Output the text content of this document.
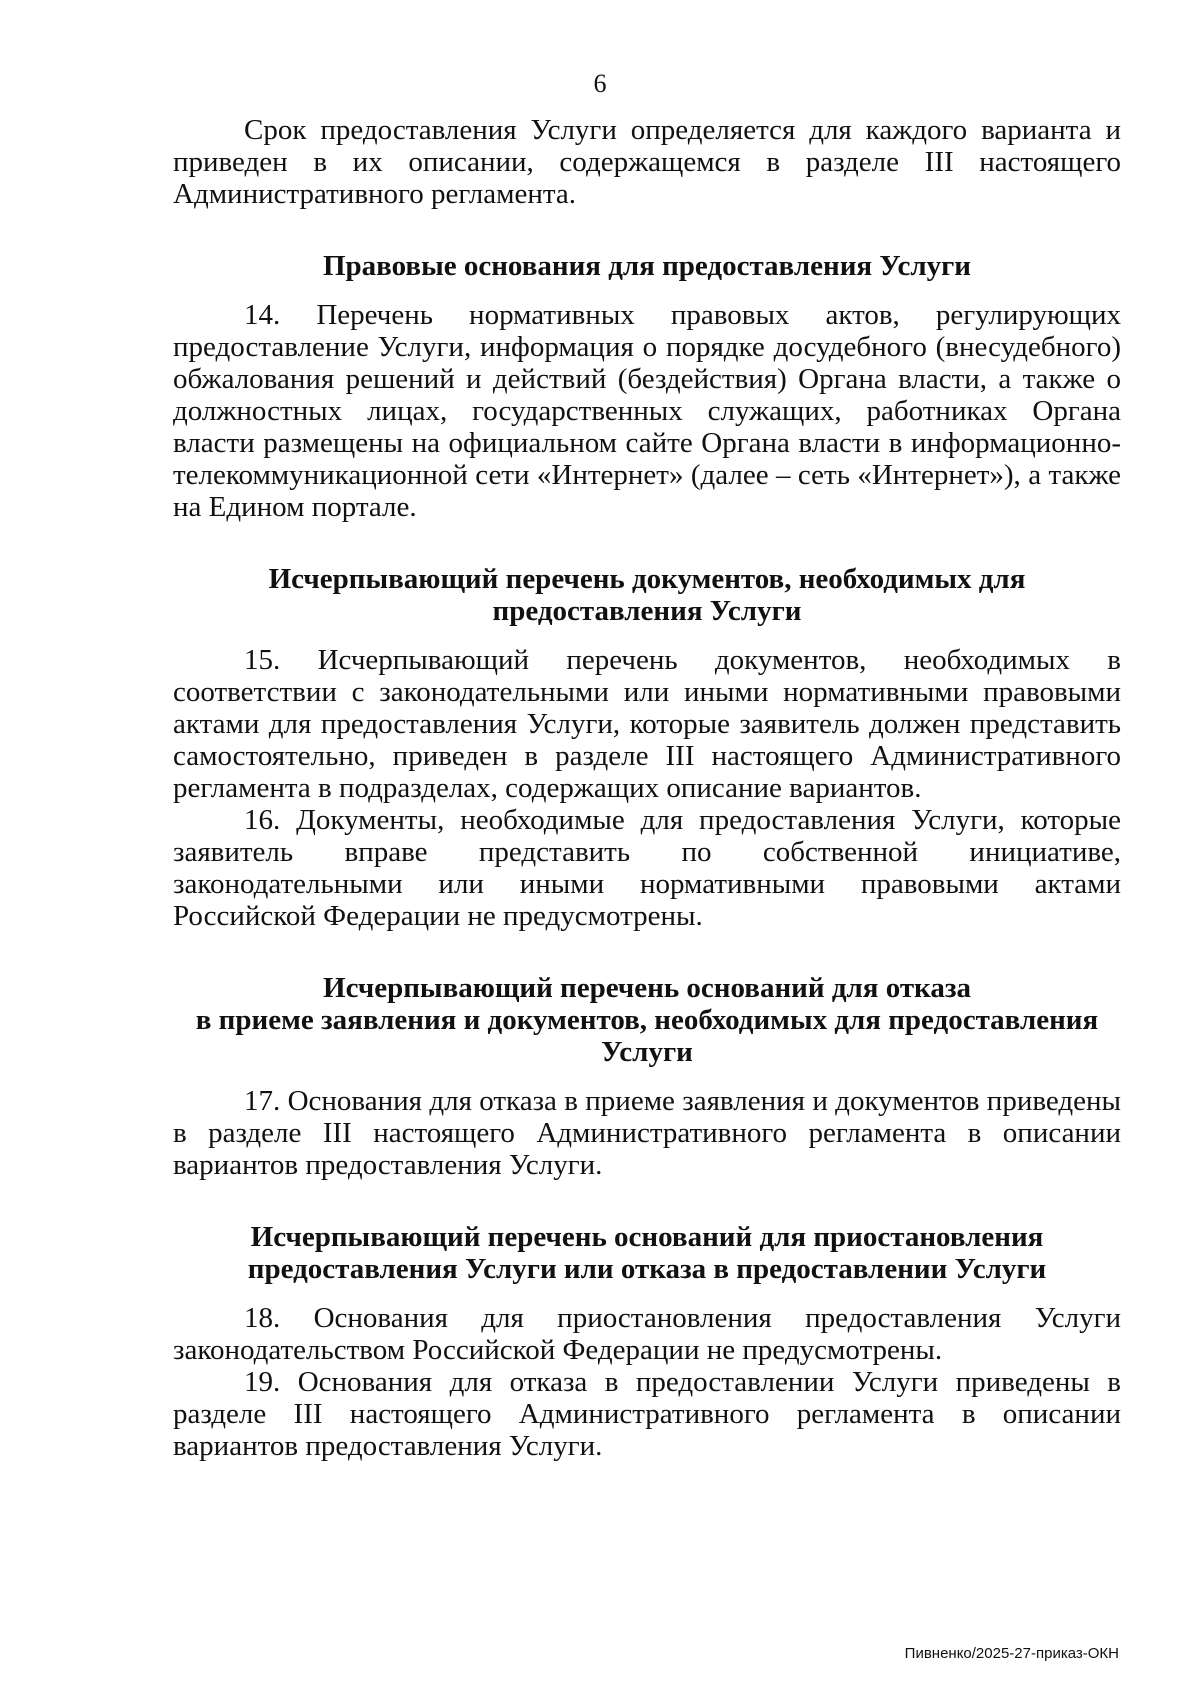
6

Срок предоставления Услуги определяется для каждого варианта и приведен в их описании, содержащемся в разделе III настоящего Административного регламента.

Правовые основания для предоставления Услуги

14. Перечень нормативных правовых актов, регулирующих предоставление Услуги, информация о порядке досудебного (внесудебного) обжалования решений и действий (бездействия) Органа власти, а также о должностных лицах, государственных служащих, работниках Органа власти размещены на официальном сайте Органа власти в информационно-телекоммуникационной сети «Интернет» (далее – сеть «Интернет»), а также на Едином портале.

Исчерпывающий перечень документов, необходимых для
предоставления Услуги

15. Исчерпывающий перечень документов, необходимых в соответствии с законодательными или иными нормативными правовыми актами для предоставления Услуги, которые заявитель должен представить самостоятельно, приведен в разделе III настоящего Административного регламента в подразделах, содержащих описание вариантов.

16. Документы, необходимые для предоставления Услуги, которые заявитель вправе представить по собственной инициативе, законодательными или иными нормативными правовыми актами Российской Федерации не предусмотрены.

Исчерпывающий перечень оснований для отказа
в приеме заявления и документов, необходимых для предоставления
Услуги

17. Основания для отказа в приеме заявления и документов приведены в разделе III настоящего Административного регламента в описании вариантов предоставления Услуги.

Исчерпывающий перечень оснований для приостановления
предоставления Услуги или отказа в предоставлении Услуги

18. Основания для приостановления предоставления Услуги законодательством Российской Федерации не предусмотрены.

19. Основания для отказа в предоставлении Услуги приведены в разделе III настоящего Административного регламента в описании вариантов предоставления Услуги.

Пивненко/2025-27-приказ-ОКН
